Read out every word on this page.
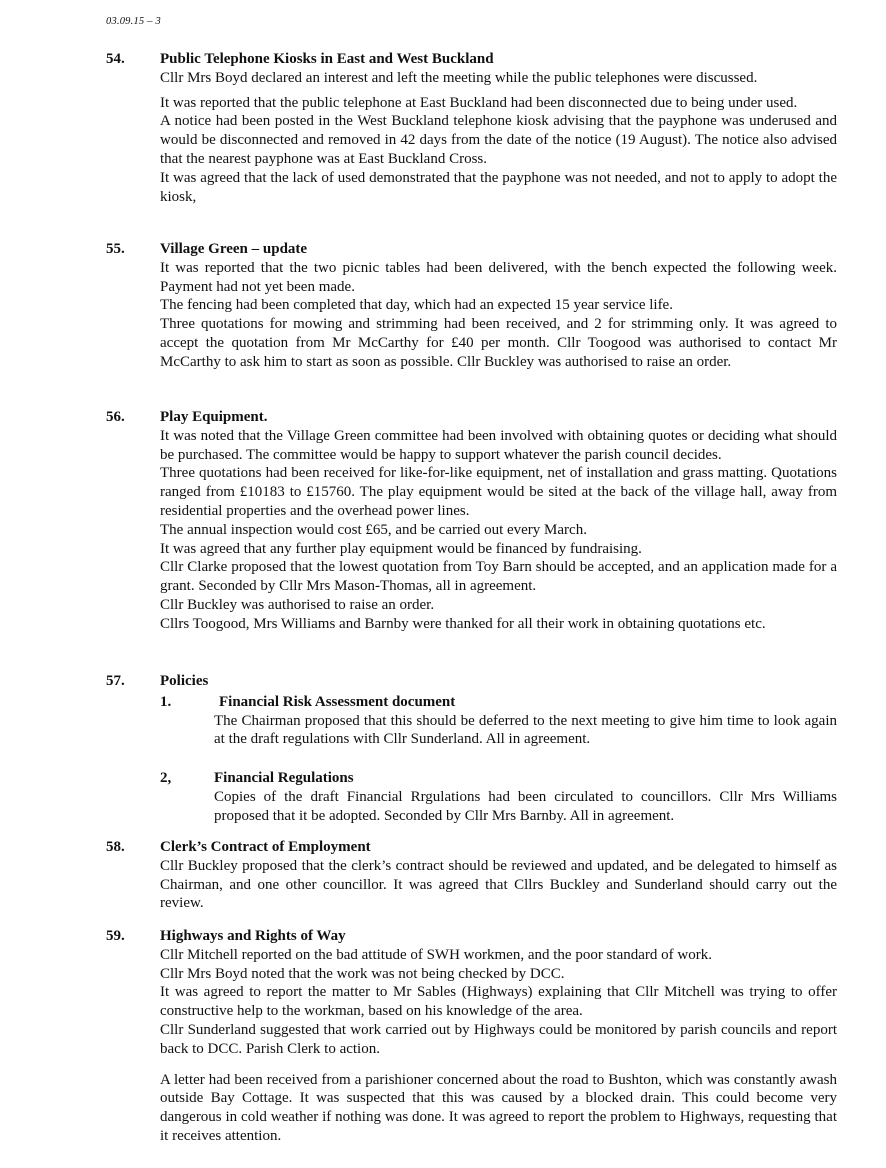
03.09.15 – 3
54. Public Telephone Kiosks in East and West Buckland

Cllr Mrs Boyd declared an interest and left the meeting while the public telephones were discussed.

It was reported that the public telephone at East Buckland had been disconnected due to being under used.

A notice had been posted in the West Buckland telephone kiosk advising that the payphone was underused and would be disconnected and removed in 42 days from the date of the notice (19 August). The notice also advised that the nearest payphone was at East Buckland Cross.

It was agreed that the lack of used demonstrated that the payphone was not needed, and not to apply to adopt the kiosk,

55. Village Green – update

It was reported that the two picnic tables had been delivered, with the bench expected the following week. Payment had not yet been made.

The fencing had been completed that day, which had an expected 15 year service life.

Three quotations for mowing and strimming had been received, and 2 for strimming only. It was agreed to accept the quotation from Mr McCarthy for £40 per month. Cllr Toogood was authorised to contact Mr McCarthy to ask him to start as soon as possible. Cllr Buckley was authorised to raise an order.

56. Play Equipment.

It was noted that the Village Green committee had been involved with obtaining quotes or deciding what should be purchased. The committee would be happy to support whatever the parish council decides.

Three quotations had been received for like-for-like equipment, net of installation and grass matting. Quotations ranged from £10183 to £15760. The play equipment would be sited at the back of the village hall, away from residential properties and the overhead power lines.

The annual inspection would cost £65, and be carried out every March.

It was agreed that any further play equipment would be financed by fundraising.

Cllr Clarke proposed that the lowest quotation from Toy Barn should be accepted, and an application made for a grant. Seconded by Cllr Mrs Mason-Thomas, all in agreement.

Cllr Buckley was authorised to raise an order.

Cllrs Toogood, Mrs Williams and Barnby were thanked for all their work in obtaining quotations etc.

57. Policies
1.	Financial Risk Assessment document

The Chairman proposed that this should be deferred to the next meeting to give him time to look again at the draft regulations with Cllr Sunderland. All in agreement.

2,	Financial Regulations

Copies of the draft Financial Rrgulations had been circulated to councillors. Cllr Mrs Williams proposed that it be adopted. Seconded by Cllr Mrs Barnby. All in agreement.

58. Clerk’s Contract of Employment

Cllr Buckley proposed that the clerk’s contract should be reviewed and updated, and be delegated to himself as Chairman, and one other councillor. It was agreed that Cllrs Buckley and Sunderland should carry out the review.

59. Highways and Rights of Way

Cllr Mitchell reported on the bad attitude of SWH workmen, and the poor standard of work.

Cllr Mrs Boyd noted that the work was not being checked by DCC.

It was agreed to report the matter to Mr Sables (Highways) explaining that Cllr Mitchell was trying to offer constructive help to the workman, based on his knowledge of the area.

Cllr Sunderland suggested that work carried out by Highways could be monitored by parish councils and report back to DCC. Parish Clerk to action.

A letter had been received from a parishioner concerned about the road to Bushton, which was constantly awash outside Bay Cottage. It was suspected that this was caused by a blocked drain. This could become very dangerous in cold weather if nothing was done. It was agreed to report the problem to Highways, requesting that it receives attention.
